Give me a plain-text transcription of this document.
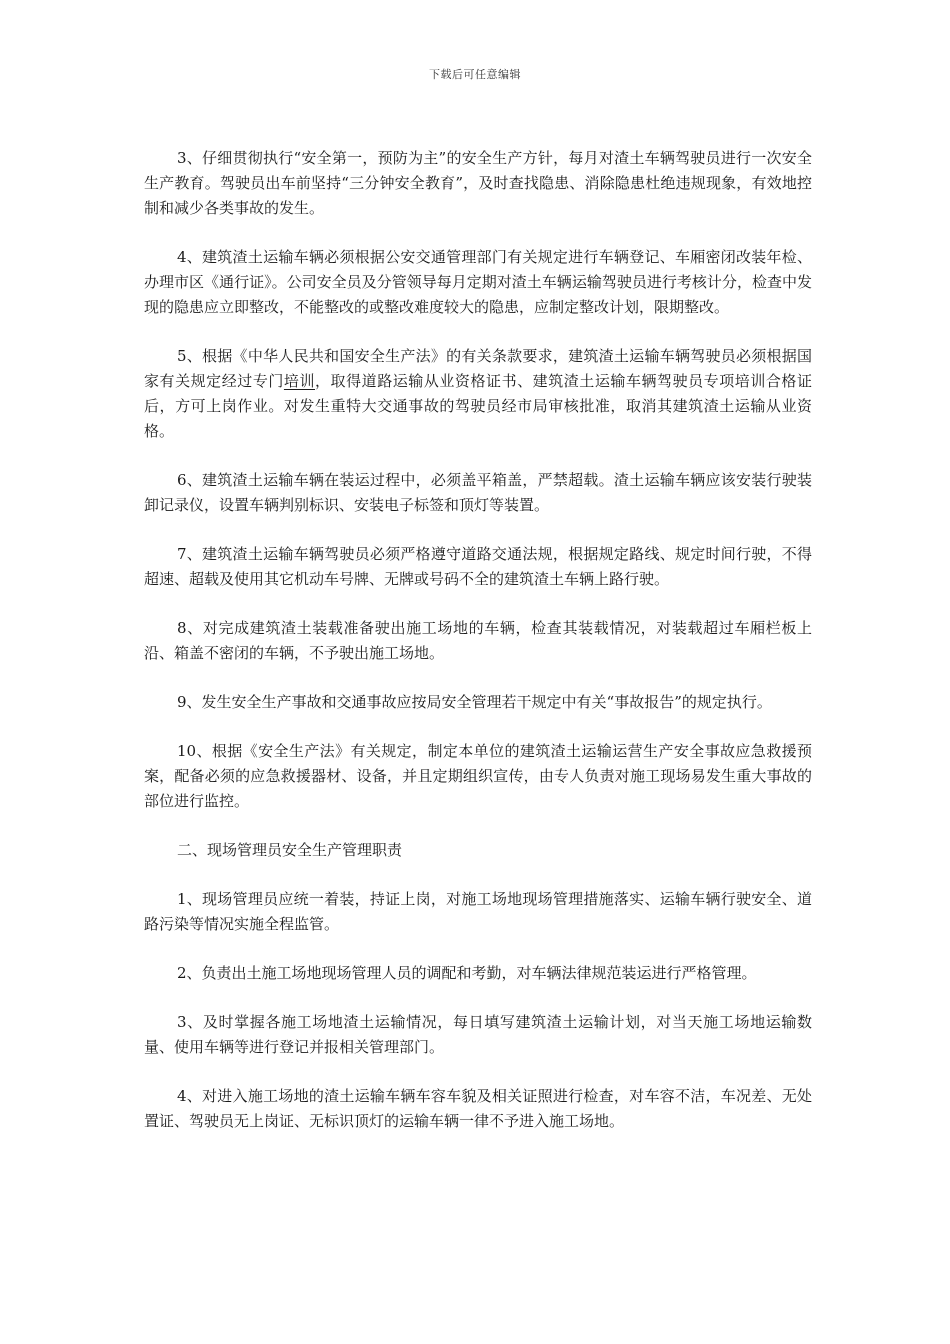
下载后可任意编辑

3、仔细贯彻执行“安全第一，预防为主”的安全生产方针，每月对渣土车辆驾驶员进行一次安全生产教育。驾驶员出车前坚持“三分钟安全教育”，及时查找隐患、消除隐患杜绝违规现象，有效地控制和减少各类事故的发生。

4、建筑渣土运输车辆必须根据公安交通管理部门有关规定进行车辆登记、车厢密闭改装年检、办理市区《通行证》。公司安全员及分管领导每月定期对渣土车辆运输驾驶员进行考核计分，检查中发现的隐患应立即整改，不能整改的或整改难度较大的隐患，应制定整改计划，限期整改。

5、根据《中华人民共和国安全生产法》的有关条款要求，建筑渣土运输车辆驾驶员必须根据国家有关规定经过专门培训，取得道路运输从业资格证书、建筑渣土运输车辆驾驶员专项培训合格证后，方可上岗作业。对发生重特大交通事故的驾驶员经市局审核批准，取消其建筑渣土运输从业资格。

6、建筑渣土运输车辆在装运过程中，必须盖平箱盖，严禁超载。渣土运输车辆应该安装行驶装卸记录仪，设置车辆判别标识、安装电子标签和顶灯等装置。

7、建筑渣土运输车辆驾驶员必须严格遵守道路交通法规，根据规定路线、规定时间行驶，不得超速、超载及使用其它机动车号牌、无牌或号码不全的建筑渣土车辆上路行驶。

8、对完成建筑渣土装载准备驶出施工场地的车辆，检查其装载情况，对装载超过车厢栏板上沿、箱盖不密闭的车辆，不予驶出施工场地。

9、发生安全生产事故和交通事故应按局安全管理若干规定中有关“事故报告”的规定执行。

10、根据《安全生产法》有关规定，制定本单位的建筑渣土运输运营生产安全事故应急救援预案，配备必须的应急救援器材、设备，并且定期组织宣传，由专人负责对施工现场易发生重大事故的部位进行监控。

二、现场管理员安全生产管理职责

1、现场管理员应统一着装，持证上岗，对施工场地现场管理措施落实、运输车辆行驶安全、道路污染等情况实施全程监管。

2、负责出土施工场地现场管理人员的调配和考勤，对车辆法律规范装运进行严格管理。

3、及时掌握各施工场地渣土运输情况，每日填写建筑渣土运输计划，对当天施工场地运输数量、使用车辆等进行登记并报相关管理部门。

4、对进入施工场地的渣土运输车辆车容车貌及相关证照进行检查，对车容不洁，车况差、无处置证、驾驶员无上岗证、无标识顶灯的运输车辆一律不予进入施工场地。
